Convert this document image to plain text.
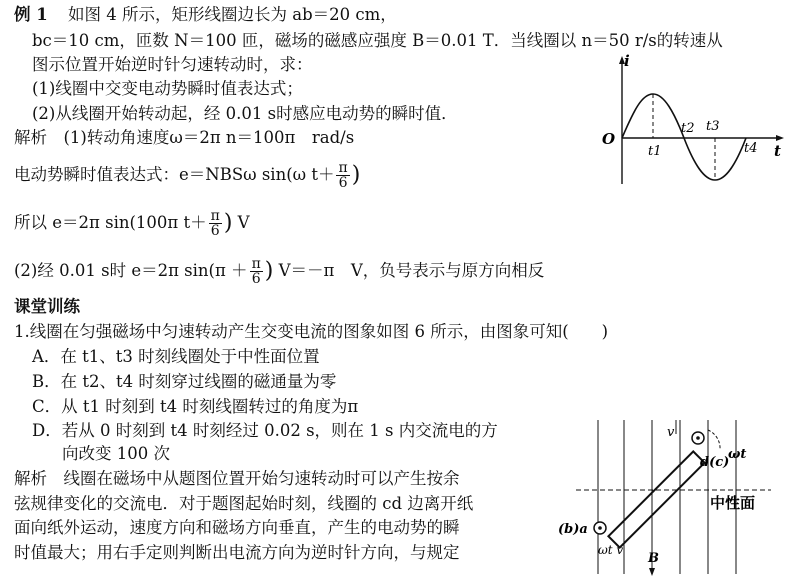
例 1 如图 4 所示，矩形线圈边长为 ab＝20 cm，
bc＝10 cm，匝数 N＝100 匝，磁场的磁感应强度 B＝0.01 T．当线圈以 n＝50 r/s的转速从
图示位置开始逆时针匀速转动时，求：
(1)线圈中交变电动势瞬时值表达式；
(2)从线圈开始转动起，经 0.01 s时感应电动势的瞬时值．
解析　(1)转动角速度ω＝2π n＝100π　rad/s
电动势瞬时值表达式：e＝NBSω sin(ω $t+ \frac{\pi}{6}$ )
所以 e＝2π sin(100π $t+ \frac{\pi}{6}$ ) V
(2)经 0.01 s时 e＝2π $\sin(\pi + \frac{\pi}{6}$ ) V＝－π　V，负号表示与原方向相反
课堂训练
1.线圈在匀强磁场中匀速转动产生交变电流的图象如图 6 所示，由图象可知(　　)
A．在 t1、t3 时刻线圈处于中性面位置
B．在 t2、t4 时刻穿过线圈的磁通量为零
C．从 t1 时刻到 t4 时刻线圈转过的角度为π
D．若从 0 时刻到 t4 时刻经过 0.02 s，则在 1 s 内交流电的方
向改变 100 次
解析　线圈在磁场中从题图位置开始匀速转动时可以产生按余
弦规律变化的交流电．对于题图起始时刻，线圈的 cd 边离开纸
面向纸外运动，速度方向和磁场方向垂直，产生的电动势的瞬
时值最大；用右手定则判断出电流方向为逆时针方向，与规定
i
t
O
t1
t2 t3
t4
v
d(c)
ωt
中性面
(b)a
ωt v
B
